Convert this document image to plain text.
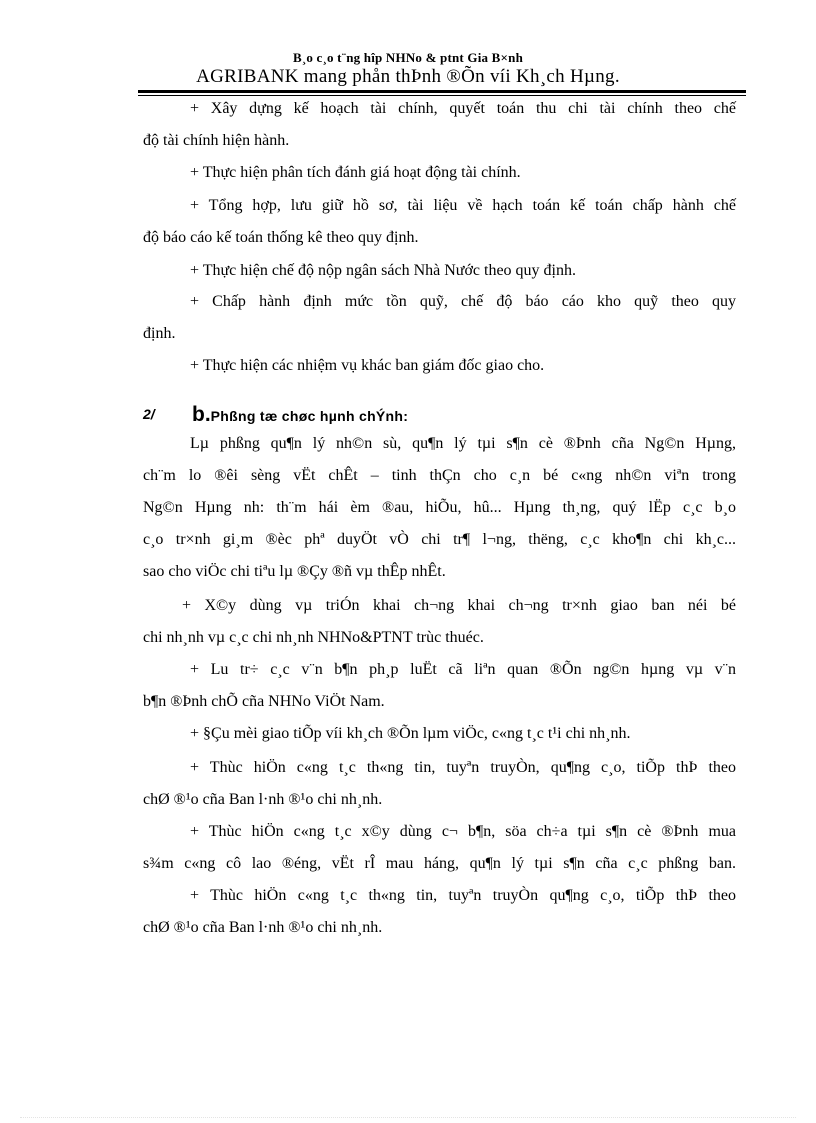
B¸o c¸o t¨ng hîp NHNo & ptnt Gia B×nh
AGRIBANK mang phån thÞnh ®Õn víi Kh¸ch Hµng.
+ Xây dựng kế hoạch tài chính, quyết toán thu chi tài chính theo chế
độ tài chính hiện hành.
+ Thực hiện phân tích đánh giá hoạt động tài chính.
+ Tổng hợp, lưu giữ hồ sơ, tài liệu về hạch toán kế toán chấp hành chế
độ báo cáo kế toán thống kê theo quy định.
+ Thực hiện chế độ nộp ngân sách Nhà Nước theo quy định.
+ Chấp hành định mức tồn quỹ, chế độ báo cáo kho quỹ theo quy
định.
+ Thực hiện các nhiệm vụ khác ban giám đốc giao cho.
2/ b.Phßng tæ chøc hµnh chÝnh:
Lµ phßng qu¶n lý nh©n sù, qu¶n lý tµi s¶n cè ®Þnh cña Ng©n Hµng,
ch¨m lo ®êi sèng vËt chÊt – tinh thÇn cho c¸n bé c«ng nh©n viªn trong
Ng©n Hµng nh: th¨m hái èm ®au, hiÕu, hû... Hµng th¸ng, quý lËp c¸c b¸o
c¸o tr×nh gi¸m ®èc phª duyÖt vÒ chi tr¶ l¬ng, thëng, c¸c kho¶n chi kh¸c...
sao cho viÖc chi tiªu lµ ®Çy ®ñ vµ thÊp nhÊt.
+ X©y dùng vµ triÓn khai ch¬ng khai ch¬ng tr×nh giao ban néi bé
chi nh¸nh vµ c¸c chi nh¸nh NHNo&PTNT trùc thuéc.
+ Lu tr÷ c¸c v¨n b¶n ph¸p luËt cã liªn quan ®Õn ng©n hµng vµ v¨n
b¶n ®Þnh chÕ cña NHNo ViÖt Nam.
+ §Çu mèi giao tiÕp víi kh¸ch ®Õn lµm viÖc, c«ng t¸c t¹i chi nh¸nh.
+ Thùc hiÖn c«ng t¸c th«ng tin, tuyªn truyÒn, qu¶ng c¸o, tiÕp thÞ theo
chØ ®¹o cña Ban l·nh ®¹o chi nh¸nh.
+ Thùc hiÖn c«ng t¸c x©y dùng c¬ b¶n, söa ch÷a tµi s¶n cè ®Þnh mua
s¾m c«ng cô lao ®éng, vËt rÎ mau háng, qu¶n lý tµi s¶n cña c¸c phßng ban.
+ Thùc hiÖn c«ng t¸c th«ng tin, tuyªn truyÒn qu¶ng c¸o, tiÕp thÞ theo
chØ ®¹o cña Ban l·nh ®¹o chi nh¸nh.
